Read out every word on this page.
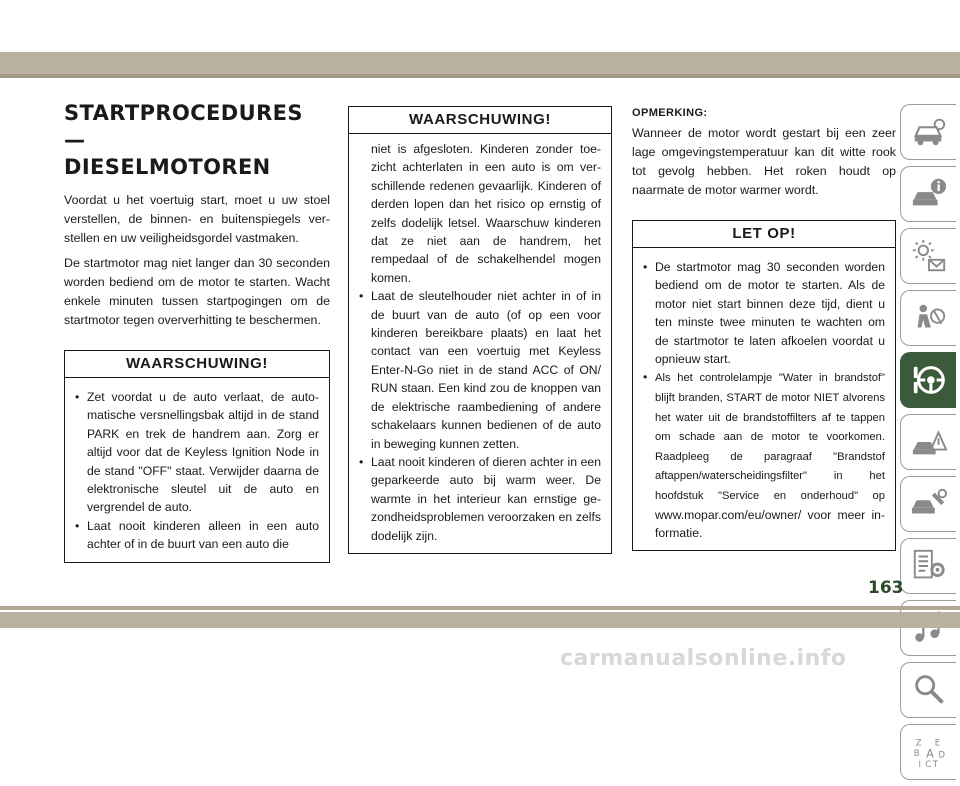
STARTPROCEDURES —
DIESELMOTOREN

Voordat u het voertuig start, moet u uw stoel verstellen, de binnen- en buitenspiegels verstellen en uw veiligheidsgordel vastmaken.

De startmotor mag niet langer dan 30 seconden worden bediend om de motor te starten. Wacht enkele minuten tussen startpogingen om de startmotor tegen oververhitting te beschermen.

WAARSCHUWING!
• Zet voordat u de auto verlaat, de automatische versnellingsbak altijd in de stand PARK en trek de handrem aan. Zorg er altijd voor dat de Keyless Ignition Node in de stand "OFF" staat. Verwijder daarna de elektronische sleutel uit de auto en vergrendel de auto.
• Laat nooit kinderen alleen in een auto achter of in de buurt van een auto die
WAARSCHUWING!
niet is afgesloten. Kinderen zonder toezicht achterlaten in een auto is om verschillende redenen gevaarlijk. Kinderen of derden lopen dan het risico op ernstig of zelfs dodelijk letsel. Waarschuw kinderen dat ze niet aan de handrem, het rempedaal of de schakelhendel mogen komen.
• Laat de sleutelhouder niet achter in of in de buurt van de auto (of op een voor kinderen bereikbare plaats) en laat het contact van een voertuig met Keyless Enter-N-Go niet in de stand ACC of ON/ RUN staan. Een kind zou de knoppen van de elektrische raambediening of andere schakelaars kunnen bedienen of de auto in beweging kunnen zetten.
• Laat nooit kinderen of dieren achter in een geparkeerde auto bij warm weer. De warmte in het interieur kan ernstige gezondheidsproblemen veroorzaken en zelfs dodelijk zijn.

OPMERKING:

Wanneer de motor wordt gestart bij een zeer lage omgevingstemperatuur kan dit witte rook tot gevolg hebben. Het roken houdt op naarmate de motor warmer wordt.

LET OP!
• De startmotor mag 30 seconden worden bediend om de motor te starten. Als de motor niet start binnen deze tijd, dient u ten minste twee minuten te wachten om de startmotor te laten afkoelen voordat u opnieuw start.
• Als het controlelampje "Water in brandstof" blijft branden, START de motor NIET alvorens het water uit de brandstoffilters af te tappen om schade aan de motor te voorkomen. Raadpleeg de paragraaf "Brandstof aftappen/waterscheidingsfilter" in het hoofdstuk "Service en onderhoud" op www.mopar.com/eu/owner/ voor meer informatie.
Z E
B A D
I C T
163
carmanualsonline.info
